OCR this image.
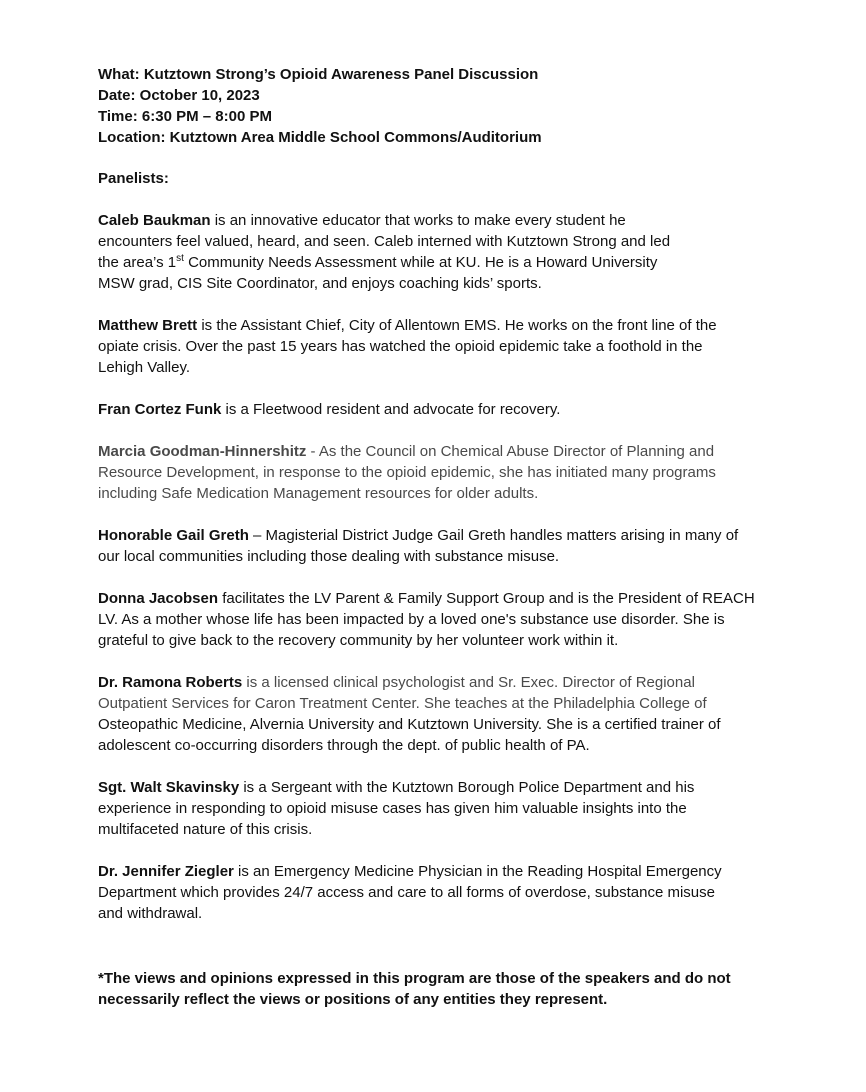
What: Kutztown Strong’s Opioid Awareness Panel Discussion
Date: October 10, 2023
Time: 6:30 PM – 8:00 PM
Location: Kutztown Area Middle School Commons/Auditorium
Panelists:
Caleb Baukman is an innovative educator that works to make every student he
encounters feel valued, heard, and seen. Caleb interned with Kutztown Strong and led
the area’s 1st Community Needs Assessment while at KU. He is a Howard University
MSW grad, CIS Site Coordinator, and enjoys coaching kids’ sports.
Matthew Brett is the Assistant Chief, City of Allentown EMS. He works on the front line of the
opiate crisis. Over the past 15 years has watched the opioid epidemic take a foothold in the
Lehigh Valley.
Fran Cortez Funk is a Fleetwood resident and advocate for recovery.
Marcia Goodman-Hinnershitz - As the Council on Chemical Abuse Director of Planning and
Resource Development, in response to the opioid epidemic, she has initiated many programs
including Safe Medication Management resources for older adults.
Honorable Gail Greth – Magisterial District Judge Gail Greth handles matters arising in many of
our local communities including those dealing with substance misuse.
Donna Jacobsen facilitates the LV Parent & Family Support Group and is the President of REACH
LV. As a mother whose life has been impacted by a loved one's substance use disorder. She is
grateful to give back to the recovery community by her volunteer work within it.
Dr. Ramona Roberts is a licensed clinical psychologist and Sr. Exec. Director of Regional
Outpatient Services for Caron Treatment Center. She teaches at the Philadelphia College of
Osteopathic Medicine, Alvernia University and Kutztown University. She is a certified trainer of
adolescent co-occurring disorders through the dept. of public health of PA.
Sgt. Walt Skavinsky is a Sergeant with the Kutztown Borough Police Department and his
experience in responding to opioid misuse cases has given him valuable insights into the
multifaceted nature of this crisis.
Dr. Jennifer Ziegler is an Emergency Medicine Physician in the Reading Hospital Emergency
Department which provides 24/7 access and care to all forms of overdose, substance misuse
and withdrawal.
*The views and opinions expressed in this program are those of the speakers and do not
necessarily reflect the views or positions of any entities they represent.
